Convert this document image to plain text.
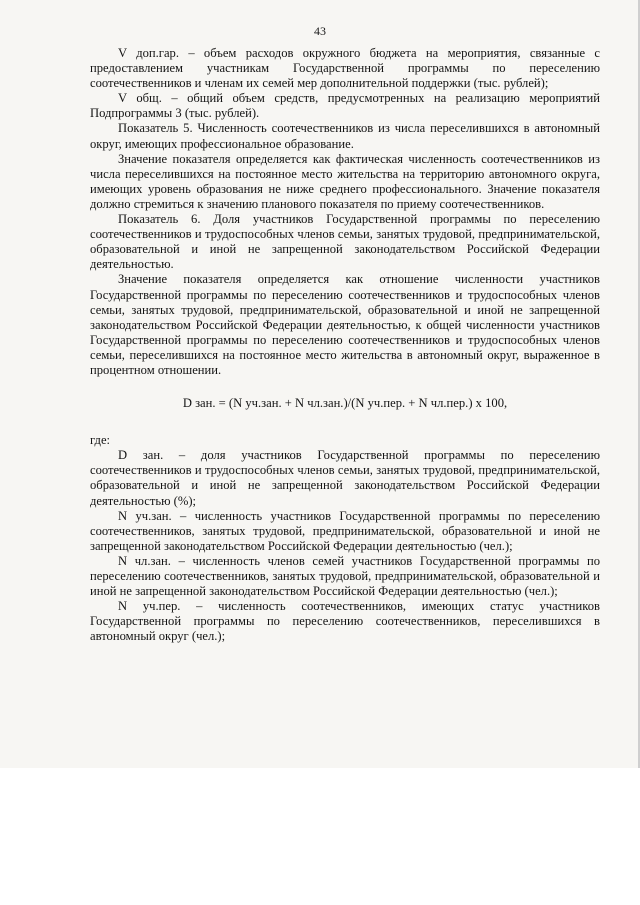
43

V доп.гар. – объем расходов окружного бюджета на мероприятия, связанные с предоставлением участникам Государственной программы по переселению соотечественников и членам их семей мер дополнительной поддержки (тыс. рублей);

V общ. – общий объем средств, предусмотренных на реализацию мероприятий Подпрограммы 3 (тыс. рублей).

Показатель 5. Численность соотечественников из числа переселившихся в автономный округ, имеющих профессиональное образование.

Значение показателя определяется как фактическая численность соотечественников из числа переселившихся на постоянное место жительства на территорию автономного округа, имеющих уровень образования не ниже среднего профессионального. Значение показателя должно стремиться к значению планового показателя по приему соотечественников.

Показатель 6. Доля участников Государственной программы по переселению соотечественников и трудоспособных членов семьи, занятых трудовой, предпринимательской, образовательной и иной не запрещенной законодательством Российской Федерации деятельностью.

Значение показателя определяется как отношение численности участников Государственной программы по переселению соотечественников и трудоспособных членов семьи, занятых трудовой, предпринимательской, образовательной и иной не запрещенной законодательством Российской Федерации деятельностью, к общей численности участников Государственной программы по переселению соотечественников и трудоспособных членов семьи, переселившихся на постоянное место жительства в автономный округ, выраженное в процентном отношении.

D зан. = (N уч.зан. + N чл.зан.)/(N уч.пер. + N чл.пер.) x 100,

где:

D зан. – доля участников Государственной программы по переселению соотечественников и трудоспособных членов семьи, занятых трудовой, предпринимательской, образовательной и иной не запрещенной законодательством Российской Федерации деятельностью (%);

N уч.зан. – численность участников Государственной программы по переселению соотечественников, занятых трудовой, предпринимательской, образовательной и иной не запрещенной законодательством Российской Федерации деятельностью (чел.);

N чл.зан. – численность членов семей участников Государственной программы по переселению соотечественников, занятых трудовой, предпринимательской, образовательной и иной не запрещенной законодательством Российской Федерации деятельностью (чел.);

N уч.пер. – численность соотечественников, имеющих статус участников Государственной программы по переселению соотечественников, переселившихся в автономный округ (чел.);
